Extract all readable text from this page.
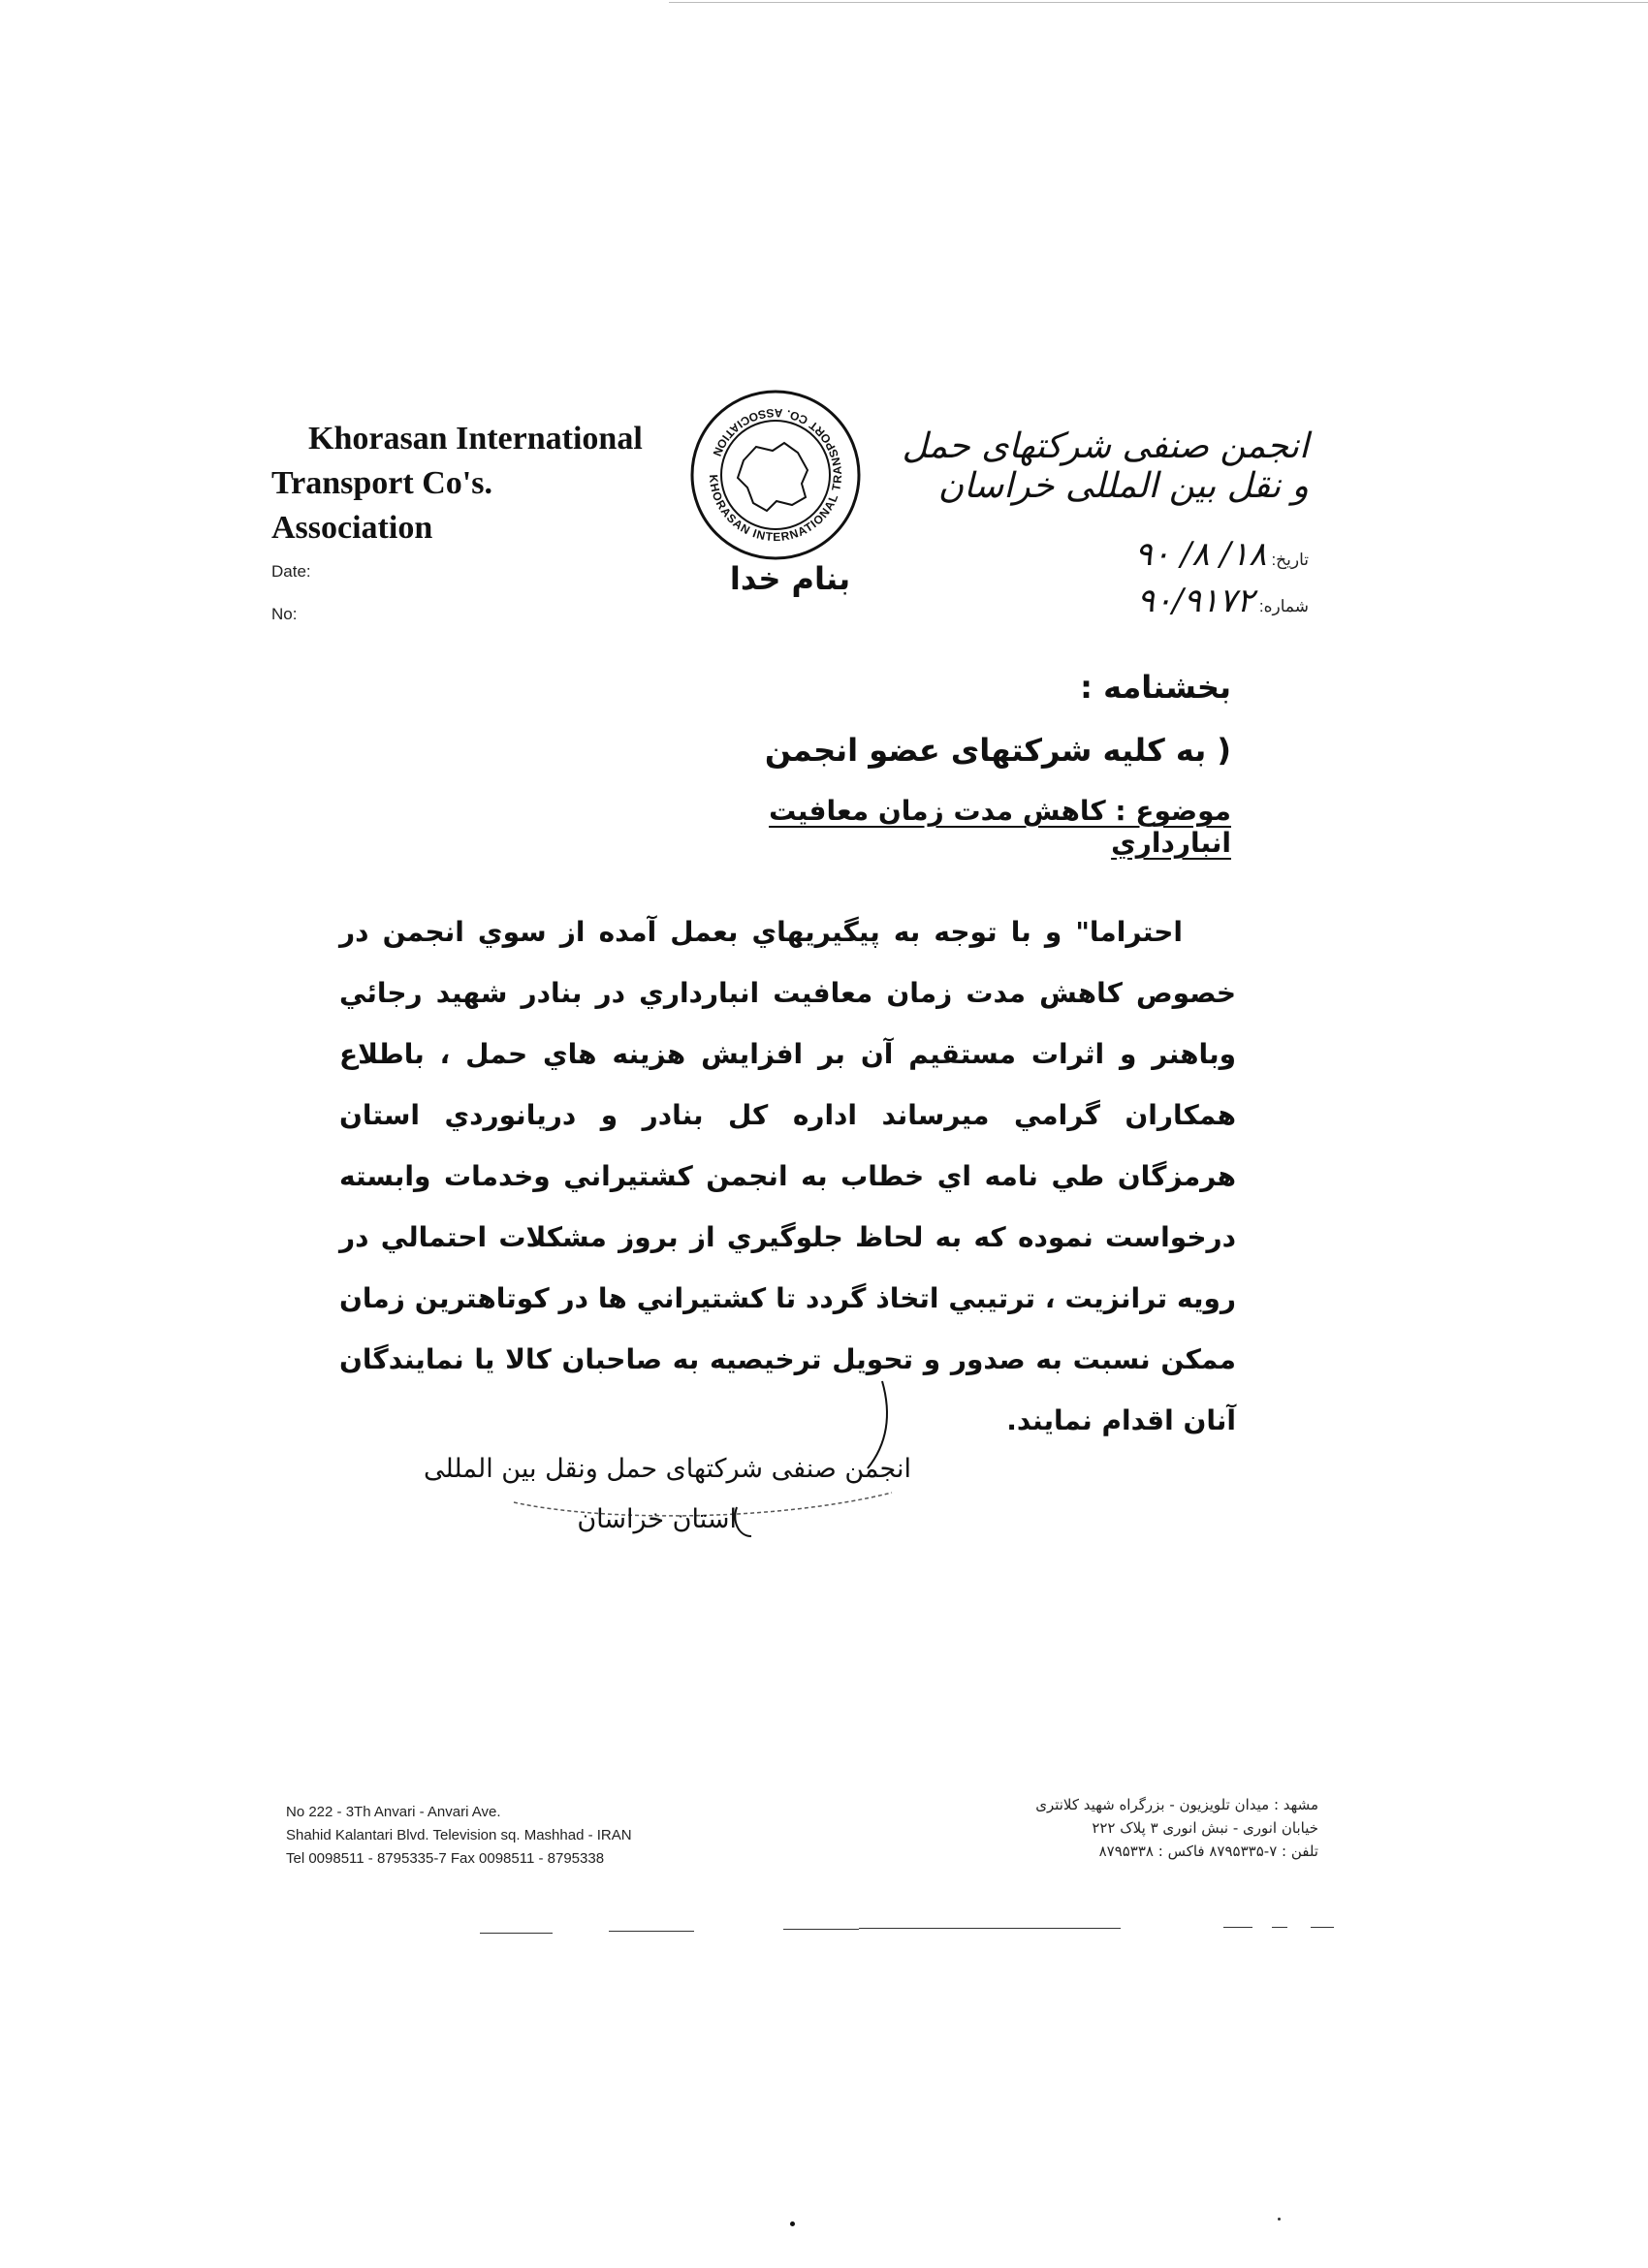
Khorasan International
Transport Co's. Association
KHORASAN INTERNATIONAL TRANSPORT CO. ASSOCIATION
بنام خدا
انجمن صنفی شرکتهای حمل و نقل بین المللی خراسان
Date:
No:
تاریخ: ۱۸/ ۸/ ۹۰
شماره: ۹۰/۹۱۷۲
بخشنامه :
( به کلیه شرکتهای عضو انجمن
موضوع : کاهش مدت زمان معافیت انبارداري
احتراما" و با توجه به پيگيريهاي بعمل آمده از سوي انجمن در خصوص كاهش مدت زمان معافيت انبارداري در بنادر شهيد رجائي وباهنر و اثرات مستقيم آن بر افزايش هزينه هاي حمل ، باطلاع همكاران گرامي ميرساند اداره كل بنادر و دريانوردي استان هرمزگان طي نامه اي خطاب به انجمن كشتيراني وخدمات وابسته درخواست نموده كه به لحاظ جلوگيري از بروز مشكلات احتمالي در رويه ترانزيت ، ترتيبي اتخاذ گردد تا كشتيراني ها در كوتاهترين زمان ممكن نسبت به صدور و تحويل ترخيصيه به صاحبان كالا يا نمايندگان آنان اقدام نمايند.
انجمن صنفی شرکتهای حمل ونقل بین المللی
استان خراسان
No 222 - 3Th Anvari - Anvari Ave.
Shahid Kalantari Blvd. Television sq. Mashhad - IRAN
Tel 0098511 - 8795335-7 Fax 0098511 - 8795338
مشهد : میدان تلویزیون - بزرگراه شهید کلانتری
خیابان انوری - نبش انوری ۳ پلاک ۲۲۲
تلفن : ۷-۸۷۹۵۳۳۵ فاکس : ۸۷۹۵۳۳۸
